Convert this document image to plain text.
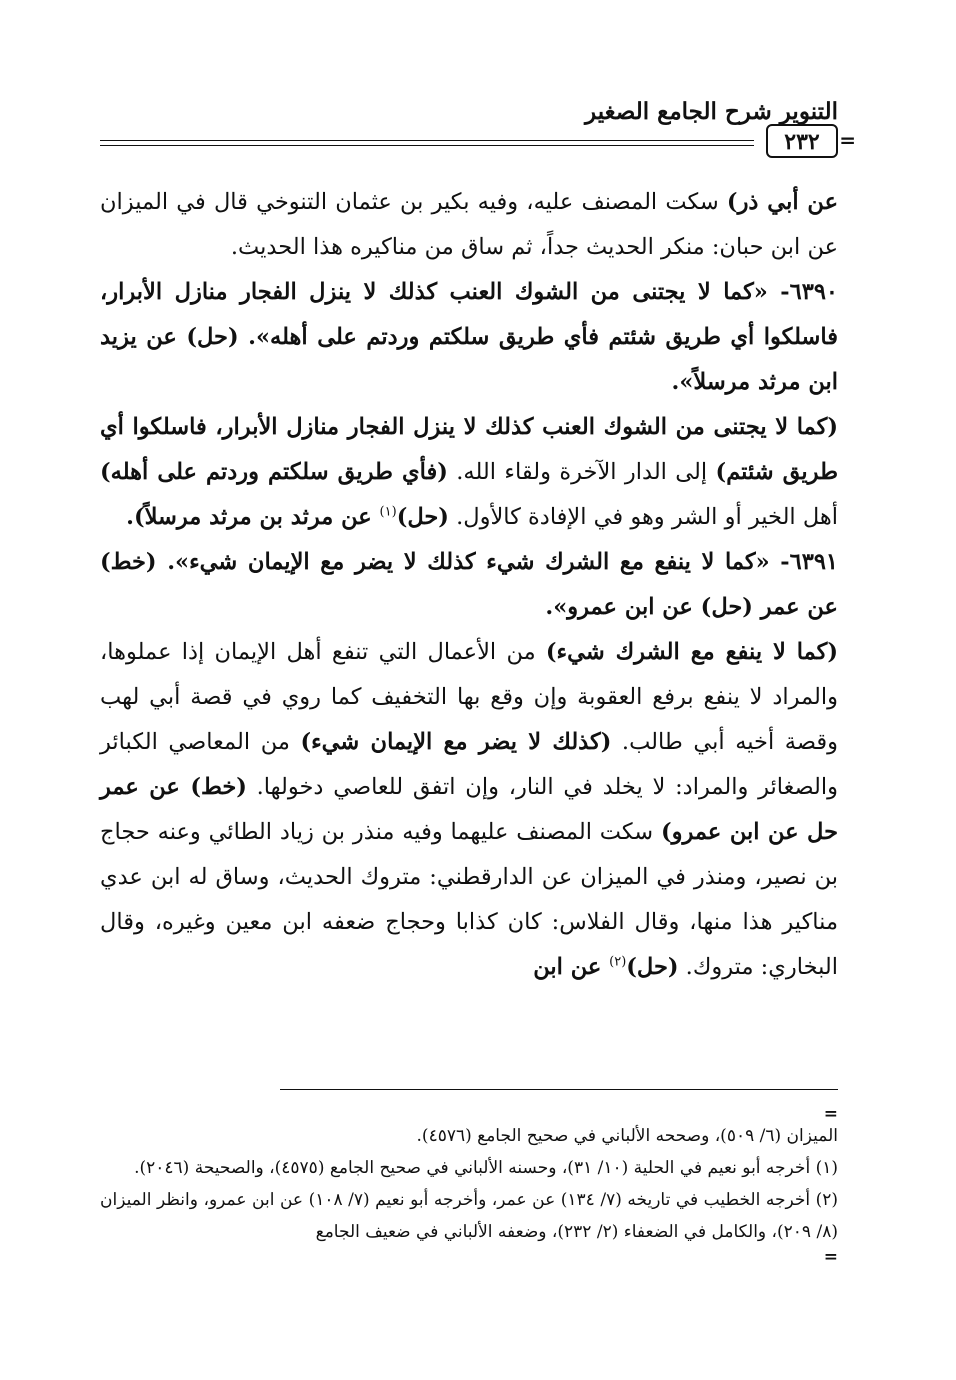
التنوير شرح الجامع الصغير
٢٣٢ =

عن أبي ذر) سكت المصنف عليه، وفيه بكير بن عثمان التنوخي قال في الميزان عن ابن حبان: منكر الحديث جداً، ثم ساق من مناكيره هذا الحديث.

٦٣٩٠- «كما لا يجتنى من الشوك العنب كذلك لا ينزل الفجار منازل الأبرار، فاسلكوا أي طريق شئتم فأي طريق سلكتم وردتم على أهله». (حل) عن يزيد ابن مرثد مرسلاً».

(كما لا يجتنى من الشوك العنب كذلك لا ينزل الفجار منازل الأبرار، فاسلكوا أي طريق شئتم) إلى الدار الآخرة ولقاء الله. (فأي طريق سلكتم وردتم على أهله) أهل الخير أو الشر وهو في الإفادة كالأول. (حل)$^{(١)}$ عن مرثد بن مرثد مرسلاً).

٦٣٩١- «كما لا ينفع مع الشرك شيء كذلك لا يضر مع الإيمان شيء». (خط) عن عمر (حل) عن ابن عمرو».

(كما لا ينفع مع الشرك شيء) من الأعمال التي تنفع أهل الإيمان إذا عملوها، والمراد لا ينفع برفع العقوبة وإن وقع بها التخفيف كما روي في قصة أبي لهب وقصة أخيه أبي طالب. (كذلك لا يضر مع الإيمان شيء) من المعاصي الكبائر والصغائر والمراد: لا يخلد في النار، وإن اتفق للعاصي دخولها. (خط) عن عمر حل عن ابن عمرو) سكت المصنف عليهما وفيه منذر بن زياد الطائي وعنه حجاج بن نصير، ومنذر في الميزان عن الدارقطني: متروك الحديث، وساق له ابن عدي مناكير هذا منها، وقال الفلاس: كان كذابا وحجاج ضعفه ابن معين وغيره، وقال البخاري: متروك. (حل)$^{(٢)}$ عن ابن

=

الميزان (٦/ ٥٠٩)، وصححه الألباني في صحيح الجامع (٤٥٧٦).

(١) أخرجه أبو نعيم في الحلية (١٠/ ٣١)، وحسنه الألباني في صحيح الجامع (٤٥٧٥)، والصحيحة (٢٠٤٦).

(٢) أخرجه الخطيب في تاريخه (٧/ ١٣٤) عن عمر، وأخرجه أبو نعيم (٧/ ١٠٨) عن ابن عمرو، وانظر الميزان (٨/ ٢٠٩)، والكامل في الضعفاء (٢/ ٢٣٢)، وضعفه الألباني في ضعيف الجامع

=
